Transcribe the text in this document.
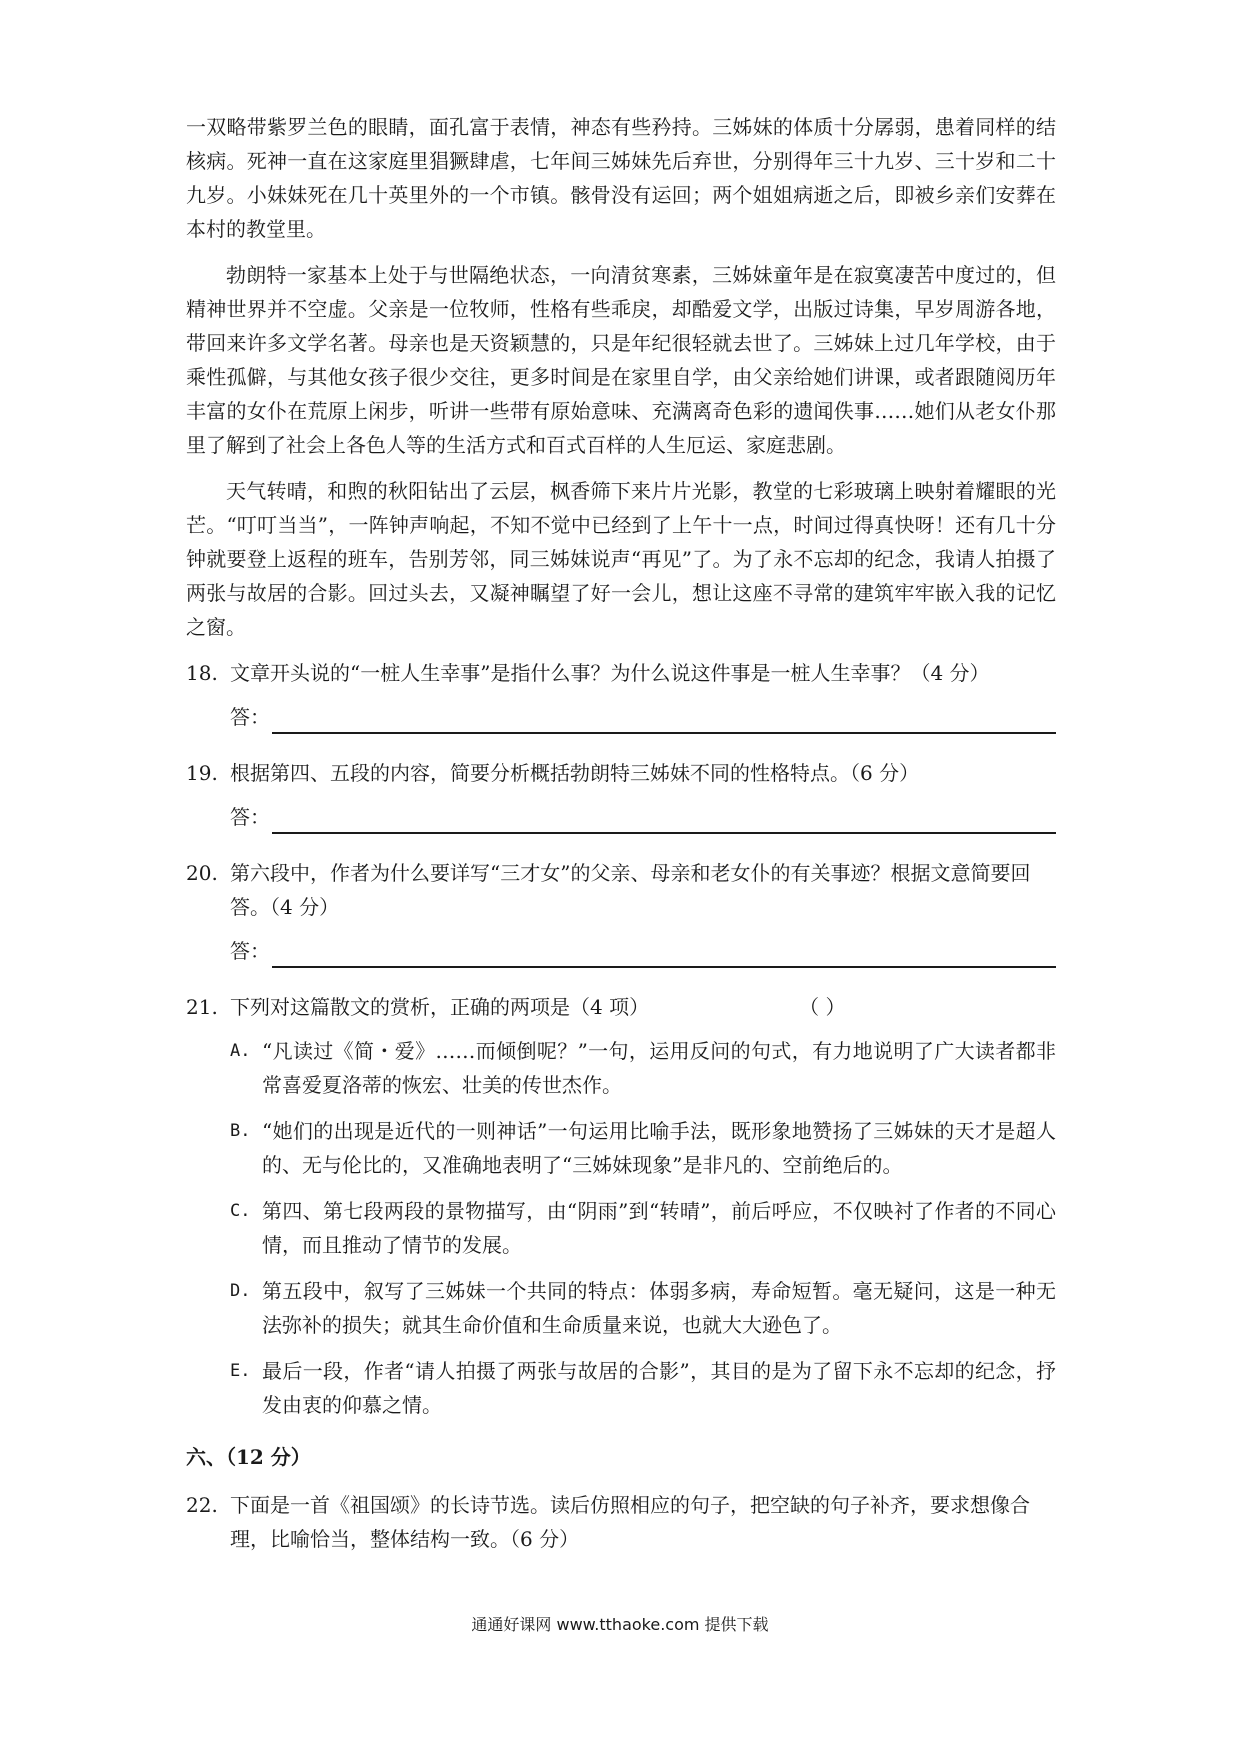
一双略带紫罗兰色的眼睛，面孔富于表情，神态有些矜持。三姊妹的体质十分孱弱，患着同样的结核病。死神一直在这家庭里猖獗肆虐，七年间三姊妹先后弃世，分别得年三十九岁、三十岁和二十九岁。小妹妹死在几十英里外的一个市镇。骸骨没有运回；两个姐姐病逝之后，即被乡亲们安葬在本村的教堂里。

勃朗特一家基本上处于与世隔绝状态，一向清贫寒素，三姊妹童年是在寂寞凄苦中度过的，但精神世界并不空虚。父亲是一位牧师，性格有些乖戾，却酷爱文学，出版过诗集，早岁周游各地，带回来许多文学名著。母亲也是天资颖慧的，只是年纪很轻就去世了。三姊妹上过几年学校，由于乘性孤僻，与其他女孩子很少交往，更多时间是在家里自学，由父亲给她们讲课，或者跟随阅历年丰富的女仆在荒原上闲步，听讲一些带有原始意味、充满离奇色彩的遗闻佚事……她们从老女仆那里了解到了社会上各色人等的生活方式和百式百样的人生厄运、家庭悲剧。

天气转晴，和煦的秋阳钻出了云层，枫香筛下来片片光影，教堂的七彩玻璃上映射着耀眼的光芒。“叮叮当当”，一阵钟声响起，不知不觉中已经到了上午十一点，时间过得真快呀！还有几十分钟就要登上返程的班车，告别芳邻，同三姊妹说声“再见”了。为了永不忘却的纪念，我请人拍摄了两张与故居的合影。回过头去，又凝神瞩望了好一会儿，想让这座不寻常的建筑牢牢嵌入我的记忆之窗。

18. 文章开头说的“一桩人生幸事”是指什么事？为什么说这件事是一桩人生幸事？（4 分）
答：
19. 根据第四、五段的内容，简要分析概括勃朗特三姊妹不同的性格特点。（6 分）
答：
20. 第六段中，作者为什么要详写“三才女”的父亲、母亲和老女仆的有关事迹？根据文意简要回答。（4 分）
答：
21. 下列对这篇散文的赏析，正确的两项是（4 项）	（ ）
A. “凡读过《简・爱》……而倾倒呢？”一句，运用反问的句式，有力地说明了广大读者都非常喜爱夏洛蒂的恢宏、壮美的传世杰作。
B. “她们的出现是近代的一则神话”一句运用比喻手法，既形象地赞扬了三姊妹的天才是超人的、无与伦比的，又准确地表明了“三姊妹现象”是非凡的、空前绝后的。
C. 第四、第七段两段的景物描写，由“阴雨”到“转晴”，前后呼应，不仅映衬了作者的不同心情，而且推动了情节的发展。
D. 第五段中，叙写了三姊妹一个共同的特点：体弱多病，寿命短暂。毫无疑问，这是一种无法弥补的损失；就其生命价值和生命质量来说，也就大大逊色了。
E. 最后一段，作者“请人拍摄了两张与故居的合影”，其目的是为了留下永不忘却的纪念，抒发由衷的仰慕之情。
六、（12 分）
22. 下面是一首《祖国颂》的长诗节选。读后仿照相应的句子，把空缺的句子补齐，要求想像合理，比喻恰当，整体结构一致。（6 分）
通通好课网 www.tthaoke.com 提供下载
